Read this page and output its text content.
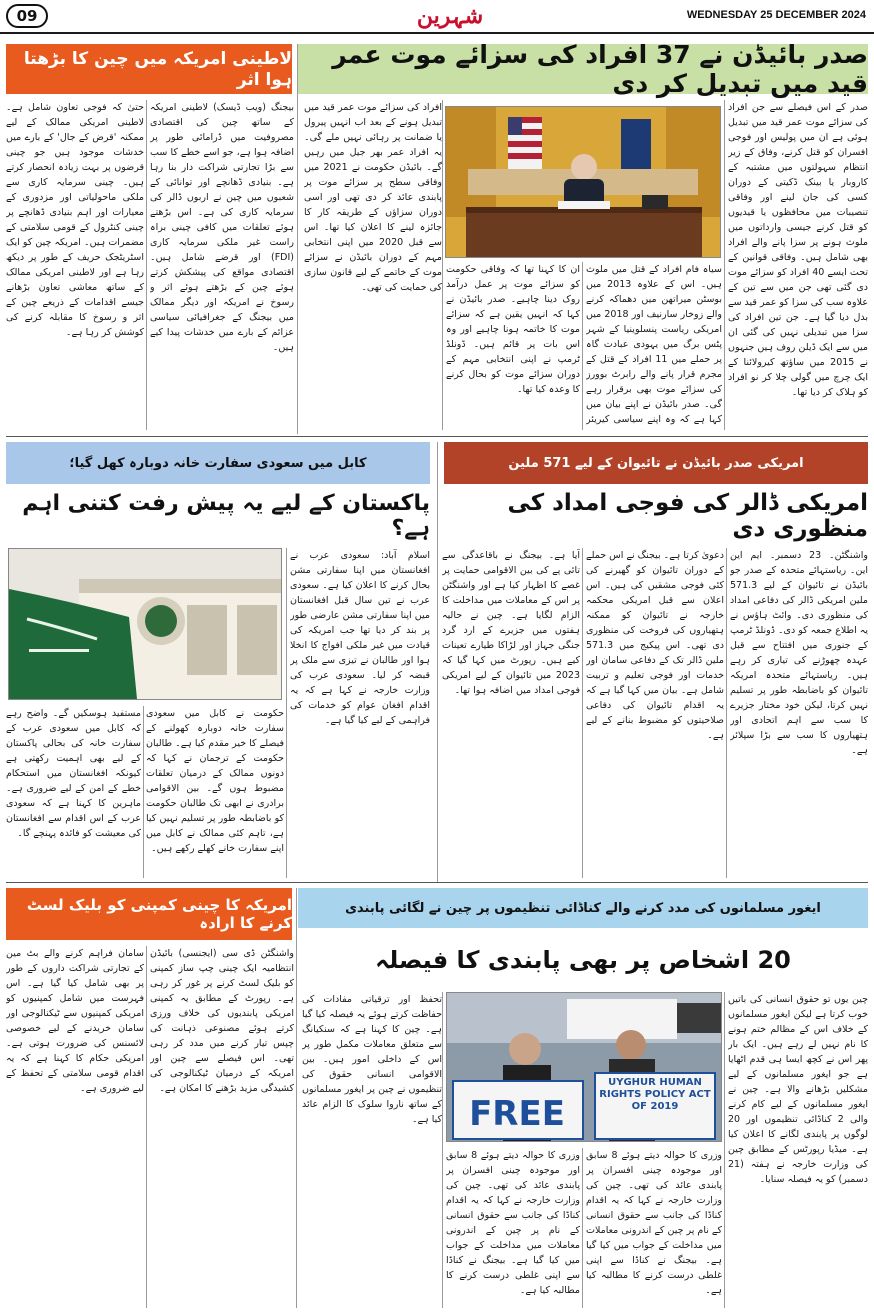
09	شہرین	WEDNESDAY 25 DECEMBER 2024
صدر بائیڈن نے 37 افراد کی سزائے موت عمر قید میں تبدیل کر دی
صدر کے اس فیصلے سے جن افراد کی سزائے موت عمر قید میں تبدیل ہوئی ہے ان میں پولیس اور فوجی افسران کو قتل کرنے، وفاق کے زیر انتظام سہولتوں میں مشتبہ کے کاروبار یا بینک ڈکیتی کے دوران کسی کی جان لینے اور وفاقی تنصیبات میں محافظوں یا قیدیوں کو قتل کرنے جیسی وارداتوں میں ملوث ہونے پر سزا پانے والے افراد بھی شامل ہیں۔ وفاقی قوانین کے تحت ایسے 40 افراد کو سزائے موت دی گئی تھی جن میں سے تین کے علاوہ سب کی سزا کو عمر قید سے بدل دیا گیا ہے۔ جن تین افراد کی سزا میں تبدیلی نہیں کی گئی ان میں سے ایک ڈیلن روف ہیں جنہوں نے 2015 میں ساؤتھ کیرولائنا کے ایک چرچ میں گولی چلا کر نو افراد کو ہلاک کر دیا تھا۔
افراد کی سزائے موت عمر قید میں تبدیل ہونے کے بعد اب انہیں پیرول یا ضمانت پر رہائی نہیں ملے گی۔ یہ افراد عمر بھر جیل میں رہیں گے۔ بائیڈن حکومت نے 2021 میں وفاقی سطح پر سزائے موت پر پابندی عائد کر دی تھی اور اسی دوران سزاؤں کے طریقہ کار کا جائزہ لینے کا اعلان کیا تھا۔ اس سے قبل 2020 میں اپنی انتخابی مہم کے دوران بائیڈن نے سزائے موت کے خاتمے کے لیے قانون سازی کی حمایت کی تھی۔
سیاہ فام افراد کے قتل میں ملوث ہیں۔ اس کے علاوہ 2013 میں بوسٹن میراتھن میں دھماکہ کرنے والے زوخار سارنیف اور 2018 میں امریکی ریاست پنسلوینیا کے شہر پٹس برگ میں یہودی عبادت گاہ پر حملے میں 11 افراد کے قتل کے مجرم قرار پانے والے رابرٹ بوورز کی سزائے موت بھی برقرار رہے گی۔ صدر بائیڈن نے اپنے بیان میں کہا ہے کہ وہ اپنے سیاسی کیریئر
ان کا کہنا تھا کہ وفاقی حکومت کو سزائے موت پر عمل درآمد روک دینا چاہیے۔ صدر بائیڈن نے کہا کہ انہیں یقین ہے کہ سزائے موت کا خاتمہ ہونا چاہیے اور وہ اس بات پر قائم ہیں۔ ڈونلڈ ٹرمپ نے اپنی انتخابی مہم کے دوران سزائے موت کو بحال کرنے کا وعدہ کیا تھا۔
لاطینی امریکہ میں چین کا بڑھتا ہوا اثر
بیجنگ (ویب ڈیسک) لاطینی امریکہ کے ساتھ چین کی اقتصادی مصروفیت میں ڈرامائی طور پر اضافہ ہوا ہے، جو اسے خطے کا سب سے بڑا تجارتی شراکت دار بنا رہا ہے۔ بنیادی ڈھانچے اور توانائی کے شعبوں میں چین نے اربوں ڈالر کی سرمایہ کاری کی ہے۔ اس بڑھتے ہوئے تعلقات میں کافی چینی براہ راست غیر ملکی سرمایہ کاری (FDI) اور قرضے شامل ہیں۔ اقتصادی مواقع کی پیشکش کرتے ہوئے چین کے بڑھتے ہوئے اثر و رسوخ نے امریکہ اور دیگر ممالک میں بیجنگ کے جغرافیائی سیاسی عزائم کے بارے میں خدشات پیدا کیے ہیں۔
حتیٰ کہ فوجی تعاون شامل ہے۔ لاطینی امریکی ممالک کے لیے ممکنہ 'قرض کے جال' کے بارے میں خدشات موجود ہیں جو چینی قرضوں پر بہت زیادہ انحصار کرتے ہیں۔ چینی سرمایہ کاری سے ملکی ماحولیاتی اور مزدوری کے معیارات اور اہم بنیادی ڈھانچے پر چینی کنٹرول کے قومی سلامتی کے مضمرات ہیں۔ امریکہ چین کو ایک اسٹریٹجک حریف کے طور پر دیکھ رہا ہے اور لاطینی امریکی ممالک کے ساتھ معاشی تعاون بڑھانے جیسے اقدامات کے ذریعے چین کے اثر و رسوخ کا مقابلہ کرنے کی کوشش کر رہا ہے۔
امریکی صدر بائیڈن نے تائیوان کے لیے 571 ملین
امریکی ڈالر کی فوجی امداد کی منظوری دی
واشنگٹن۔ 23 دسمبر۔ ایم این این۔ ریاستہائے متحدہ کے صدر جو بائیڈن نے تائیوان کے لیے 571.3 ملین امریکی ڈالر کی دفاعی امداد کی منظوری دی۔ وائٹ ہاؤس نے یہ اطلاع جمعہ کو دی۔ ڈونلڈ ٹرمپ کے جنوری میں افتتاح سے قبل عہدہ چھوڑنے کی تیاری کر رہے ہیں۔ ریاستہائے متحدہ امریکہ تائیوان کو باضابطہ طور پر تسلیم نہیں کرتا، لیکن خود مختار جزیرے کا سب سے اہم اتحادی اور ہتھیاروں کا سب سے بڑا سپلائر ہے۔
دعویٰ کرتا ہے۔ بیجنگ نے اس حملے کے دوران تائیوان کو گھیرنے کی کئی فوجی مشقیں کی ہیں۔ اس اعلان سے قبل امریکی محکمہ خارجہ نے تائیوان کو ممکنہ ہتھیاروں کی فروخت کی منظوری دی تھی۔ اس پیکیج میں 571.3 ملین ڈالر تک کے دفاعی سامان اور خدمات اور فوجی تعلیم و تربیت شامل ہے۔ بیان میں کہا گیا ہے کہ یہ اقدام تائیوان کی دفاعی صلاحیتوں کو مضبوط بنانے کے لیے ہے۔
آیا ہے۔ بیجنگ نے باقاعدگی سے تائی پے کی بین الاقوامی حمایت پر غصے کا اظہار کیا ہے اور واشنگٹن پر اس کے معاملات میں مداخلت کا الزام لگایا ہے۔ چین نے حالیہ ہفتوں میں جزیرے کے ارد گرد جنگی جہاز اور لڑاکا طیارے تعینات کیے ہیں۔ رپورٹ میں کہا گیا کہ 2023 میں تائیوان کے لیے امریکی فوجی امداد میں اضافہ ہوا تھا۔
کابل میں سعودی سفارت خانہ دوبارہ کھل گیا؛
پاکستان کے لیے یہ پیش رفت کتنی اہم ہے؟
اسلام آباد: سعودی عرب نے افغانستان میں اپنا سفارتی مشن بحال کرنے کا اعلان کیا ہے۔ سعودی عرب نے تین سال قبل افغانستان میں اپنا سفارتی مشن عارضی طور پر بند کر دیا تھا جب امریکہ کی قیادت میں غیر ملکی افواج کا انخلا ہوا اور طالبان نے تیزی سے ملک پر قبضہ کر لیا۔ سعودی عرب کی وزارت خارجہ نے کہا ہے کہ یہ اقدام افغان عوام کو خدمات کی فراہمی کے لیے کیا گیا ہے۔
حکومت نے کابل میں سعودی سفارت خانہ دوبارہ کھولنے کے فیصلے کا خیر مقدم کیا ہے۔ طالبان حکومت کے ترجمان نے کہا کہ دونوں ممالک کے درمیان تعلقات مضبوط ہوں گے۔ بین الاقوامی برادری نے ابھی تک طالبان حکومت کو باضابطہ طور پر تسلیم نہیں کیا ہے، تاہم کئی ممالک نے کابل میں اپنے سفارت خانے کھلے رکھے ہیں۔
مستفید ہوسکیں گے۔ واضح رہے کہ کابل میں سعودی عرب کے سفارت خانہ کی بحالی پاکستان کے لیے بھی اہمیت رکھتی ہے کیونکہ افغانستان میں استحکام خطے کے امن کے لیے ضروری ہے۔ ماہرین کا کہنا ہے کہ سعودی عرب کے اس اقدام سے افغانستان کی معیشت کو فائدہ پہنچے گا۔
ایغور مسلمانوں کی مدد کرنے والے کناڈائی تنظیموں پر چین نے لگائی پابندی
20 اشخاص پر بھی پابندی کا فیصلہ
چین یوں تو حقوق انسانی کی باتیں خوب کرتا ہے لیکن ایغور مسلمانوں کے خلاف اس کے مظالم ختم ہونے کا نام نہیں لے رہے ہیں۔ ایک بار پھر اس نے کچھ ایسا ہی قدم اٹھایا ہے جو ایغور مسلمانوں کے لیے مشکلیں بڑھانے والا ہے۔ چین نے ایغور مسلمانوں کے لیے کام کرنے والی 2 کناڈائی تنظیموں اور 20 لوگوں پر پابندی لگانے کا اعلان کیا ہے۔ میڈیا رپورٹس کے مطابق چین کی وزارت خارجہ نے ہفتہ (21 دسمبر) کو یہ فیصلہ سنایا۔
FREE
UYGHUR HUMAN RIGHTS POLICY ACT OF 2019
وزری کا حوالہ دیتے ہوئے 8 سابق اور موجودہ چینی افسران پر پابندی عائد کی تھی۔ چین کی وزارت خارجہ نے کہا کہ یہ اقدام کناڈا کی جانب سے حقوق انسانی کے نام پر چین کے اندرونی معاملات میں مداخلت کے جواب میں کیا گیا ہے۔ بیجنگ نے کناڈا سے اپنی غلطی درست کرنے کا مطالبہ کیا ہے۔
تحفظ اور ترقیاتی مفادات کی حفاظت کرتے ہوئے یہ فیصلہ کیا گیا ہے۔ چین کا کہنا ہے کہ سنکیانگ سے متعلق معاملات مکمل طور پر اس کے داخلی امور ہیں۔ بین الاقوامی انسانی حقوق کی تنظیموں نے چین پر ایغور مسلمانوں کے ساتھ ناروا سلوک کا الزام عائد کیا ہے۔
وزری کا حوالہ دیتے ہوئے 8 سابق اور موجودہ چینی افسران پر پابندی عائد کی تھی۔ چین کی وزارت خارجہ نے کہا کہ یہ اقدام کناڈا کی جانب سے حقوق انسانی کے نام پر چین کے اندرونی معاملات میں مداخلت کے جواب میں کیا گیا ہے۔ بیجنگ نے کناڈا سے اپنی غلطی درست کرنے کا مطالبہ کیا ہے۔
امریکہ کا چینی کمپنی کو بلیک لسٹ کرنے کا ارادہ
واشنگٹن ڈی سی (ایجنسی) بائیڈن انتظامیہ ایک چینی چپ ساز کمپنی کو بلیک لسٹ کرنے پر غور کر رہی ہے۔ رپورٹ کے مطابق یہ کمپنی امریکی پابندیوں کی خلاف ورزی کرتے ہوئے مصنوعی ذہانت کی چپس تیار کرنے میں مدد کر رہی تھی۔ اس فیصلے سے چین اور امریکہ کے درمیان ٹیکنالوجی کی کشیدگی مزید بڑھنے کا امکان ہے۔
سامان فراہم کرنے والے بٹ مین کے تجارتی شراکت داروں کے طور پر بھی شامل کیا گیا ہے۔ اس فہرست میں شامل کمپنیوں کو امریکی کمپنیوں سے ٹیکنالوجی اور سامان خریدنے کے لیے خصوصی لائسنس کی ضرورت ہوتی ہے۔ امریکی حکام کا کہنا ہے کہ یہ اقدام قومی سلامتی کے تحفظ کے لیے ضروری ہے۔
